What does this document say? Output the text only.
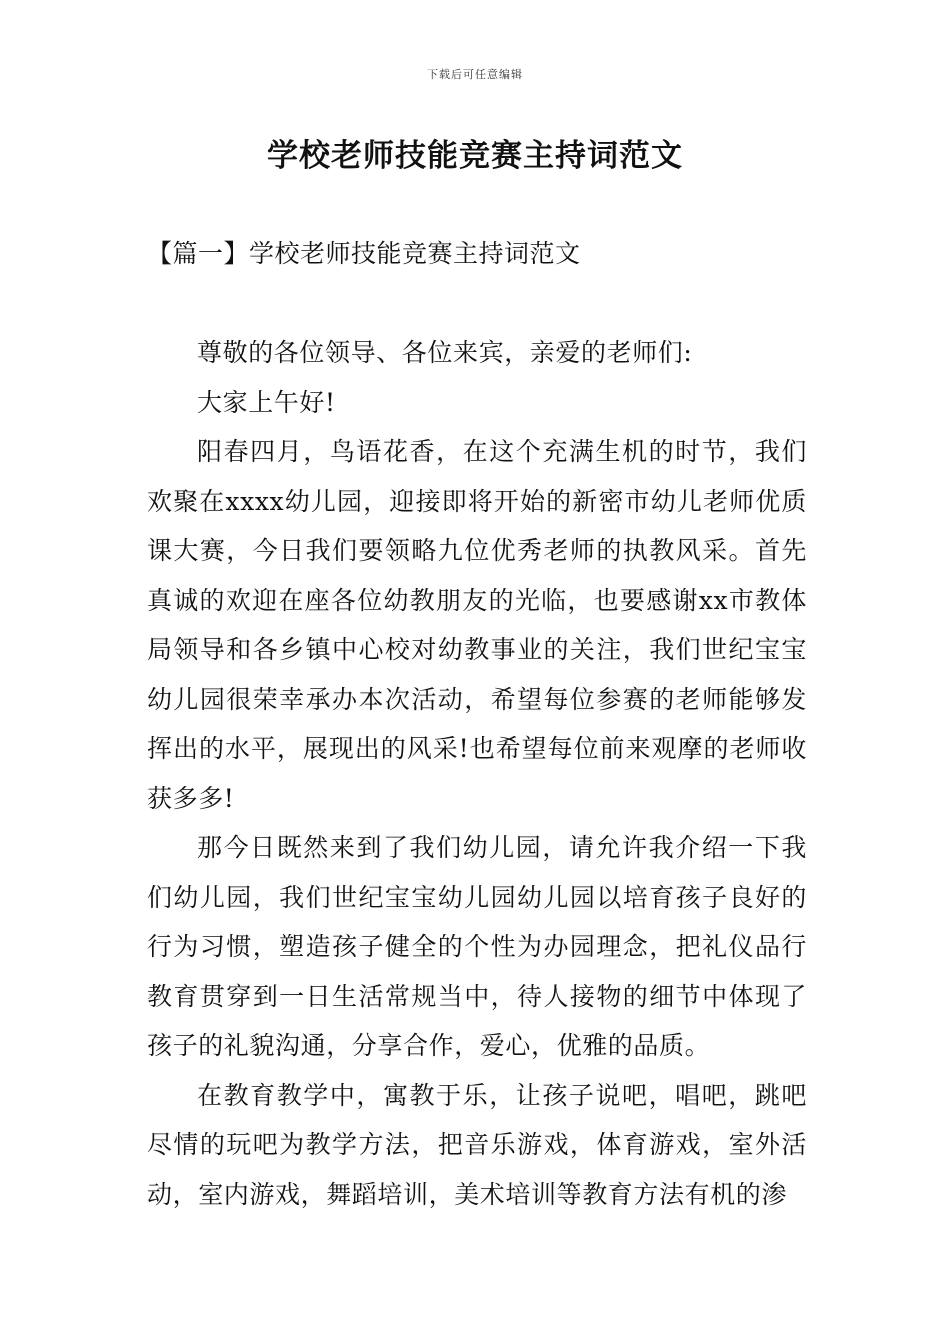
下载后可任意编辑
学校老师技能竞赛主持词范文
【篇一】学校老师技能竞赛主持词范文

尊敬的各位领导、各位来宾，亲爱的老师们:

大家上午好!

阳春四月，鸟语花香，在这个充满生机的时节，我们欢聚在xxxx幼儿园，迎接即将开始的新密市幼儿老师优质课大赛，今日我们要领略九位优秀老师的执教风采。首先真诚的欢迎在座各位幼教朋友的光临，也要感谢xx市教体局领导和各乡镇中心校对幼教事业的关注，我们世纪宝宝幼儿园很荣幸承办本次活动，希望每位参赛的老师能够发挥出的水平，展现出的风采!也希望每位前来观摩的老师收获多多!

那今日既然来到了我们幼儿园，请允许我介绍一下我们幼儿园，我们世纪宝宝幼儿园幼儿园以培育孩子良好的行为习惯，塑造孩子健全的个性为办园理念，把礼仪品行教育贯穿到一日生活常规当中，待人接物的细节中体现了孩子的礼貌沟通，分享合作，爱心，优雅的品质。

在教育教学中，寓教于乐，让孩子说吧，唱吧，跳吧尽情的玩吧为教学方法，把音乐游戏，体育游戏，室外活动，室内游戏，舞蹈培训，美术培训等教育方法有机的渗
